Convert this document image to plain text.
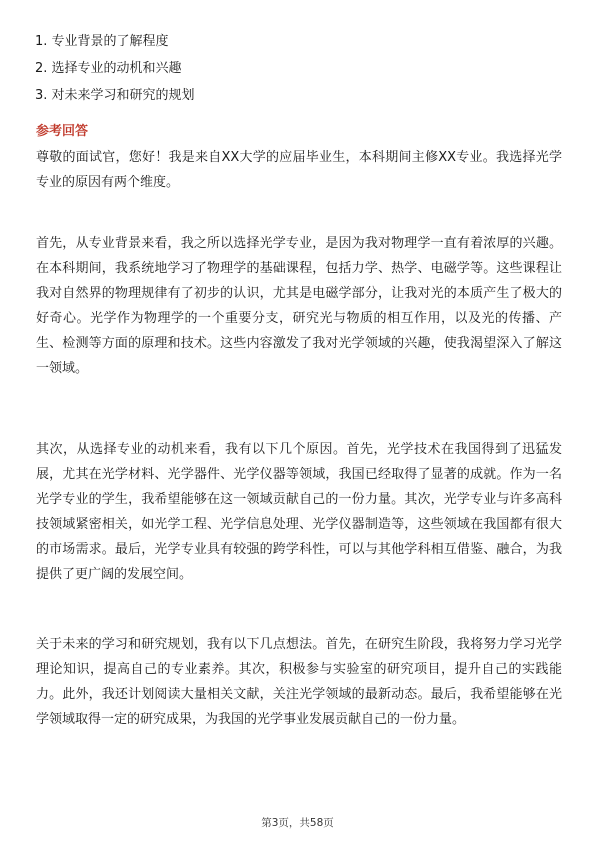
1. 专业背景的了解程度
2. 选择专业的动机和兴趣
3. 对未来学习和研究的规划
参考回答

尊敬的面试官，您好！我是来自XX大学的应届毕业生，本科期间主修XX专业。我选择光学专业的原因有两个维度。

首先，从专业背景来看，我之所以选择光学专业，是因为我对物理学一直有着浓厚的兴趣。在本科期间，我系统地学习了物理学的基础课程，包括力学、热学、电磁学等。这些课程让我对自然界的物理规律有了初步的认识，尤其是电磁学部分，让我对光的本质产生了极大的好奇心。光学作为物理学的一个重要分支，研究光与物质的相互作用，以及光的传播、产生、检测等方面的原理和技术。这些内容激发了我对光学领域的兴趣，使我渴望深入了解这一领域。

其次，从选择专业的动机来看，我有以下几个原因。首先，光学技术在我国得到了迅猛发展，尤其在光学材料、光学器件、光学仪器等领域，我国已经取得了显著的成就。作为一名光学专业的学生，我希望能够在这一领域贡献自己的一份力量。其次，光学专业与许多高科技领域紧密相关，如光学工程、光学信息处理、光学仪器制造等，这些领域在我国都有很大的市场需求。最后，光学专业具有较强的跨学科性，可以与其他学科相互借鉴、融合，为我提供了更广阔的发展空间。

关于未来的学习和研究规划，我有以下几点想法。首先，在研究生阶段，我将努力学习光学理论知识，提高自己的专业素养。其次，积极参与实验室的研究项目，提升自己的实践能力。此外，我还计划阅读大量相关文献，关注光学领域的最新动态。最后，我希望能够在光学领域取得一定的研究成果，为我国的光学事业发展贡献自己的一份力量。

第3页，共58页
